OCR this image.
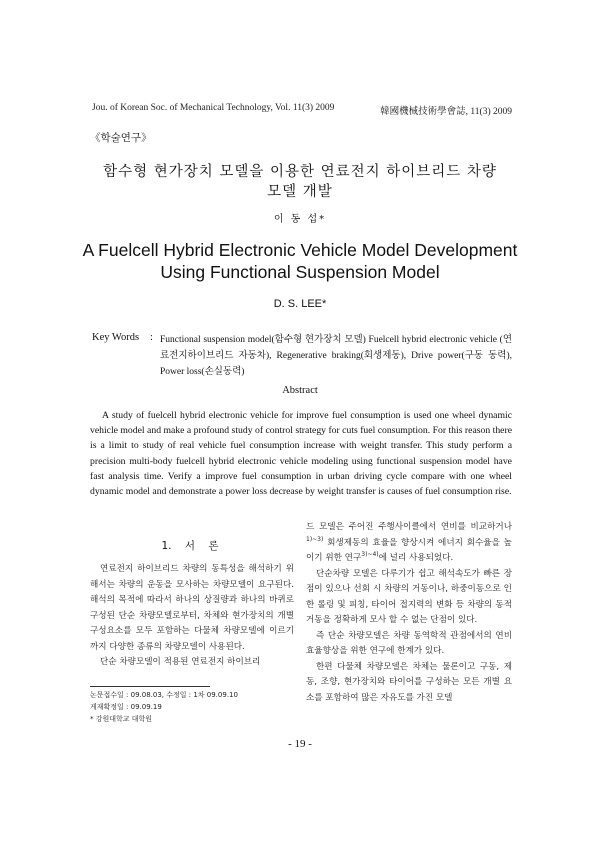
Jou. of Korean Soc. of Mechanical Technology, Vol. 11(3) 2009	韓國機械技術學會誌, 11(3) 2009
《학술연구》
함수형 현가장치 모델을 이용한 연료전지 하이브리드 차량
모델 개발
이 동 섭*
A Fuelcell Hybrid Electronic Vehicle Model Development
Using Functional Suspension Model
D. S. LEE*
Key Words : Functional suspension model(함수형 현가장치 모델) Fuelcell hybrid electronic vehicle (연료전지하이브리드 자동차), Regenerative braking(회생제동), Drive power(구동 동력), Power loss(손실동력)
Abstract
A study of fuelcell hybrid electronic vehicle for improve fuel consumption is used one wheel dynamic vehicle model and make a profound study of control strategy for cuts fuel consumption. For this reason there is a limit to study of real vehicle fuel consumption increase with weight transfer. This study perform a precision multi-body fuelcell hybrid electronic vehicle modeling using functional suspension model have fast analysis time. Verify a improve fuel consumption in urban driving cycle compare with one wheel dynamic model and demonstrate a power loss decrease by weight transfer is causes of fuel consumption rise.
1. 서 론

연료전지 하이브리드 차량의 동특성을 해석하기 위해서는 차량의 운동을 모사하는 차량모델이 요구된다. 해석의 목적에 따라서 하나의 상질량과 하나의 바퀴로 구성된 단순 차량모델로부터, 차체와 현가장치의 개별 구성요소를 모두 포함하는 다물체 차량모델에 이르기 까지 다양한 종류의 차량모델이 사용된다.

단순 차량모델이 적용된 연료전지 하이브리

드 모델은 주어진 주행사이클에서 연비를 비교하거나$^{1)\sim 3)}$ 회생제동의 효율을 향상시켜 에너지 회수율을 높이기 위한 연구$^{3)\sim 4)}$에 널리 사용되었다.

단순차량 모델은 다루기가 쉽고 해석속도가 빠른 장점이 있으나 선회 시 차량의 거동이나, 하중이동으로 인한 롤링 및 피칭, 타이어 접지력의 변화 등 차량의 동적 거동을 정확하게 모사 할 수 없는 단점이 있다.

즉 단순 차량모델은 차량 동역학적 관점에서의 연비효율향상을 위한 연구에 한계가 있다.

한편 다물체 차량모델은 차체는 물론이고 구동, 제동, 조향, 현가장치와 타이어를 구성하는 모든 개별 요소를 포함하여 많은 자유도를 가진 모델

논문접수일 : 09.08.03, 수정일 : 1차 09.09.10
게재확정일 : 09.09.19
* 강원대학교 대학원
- 19 -
